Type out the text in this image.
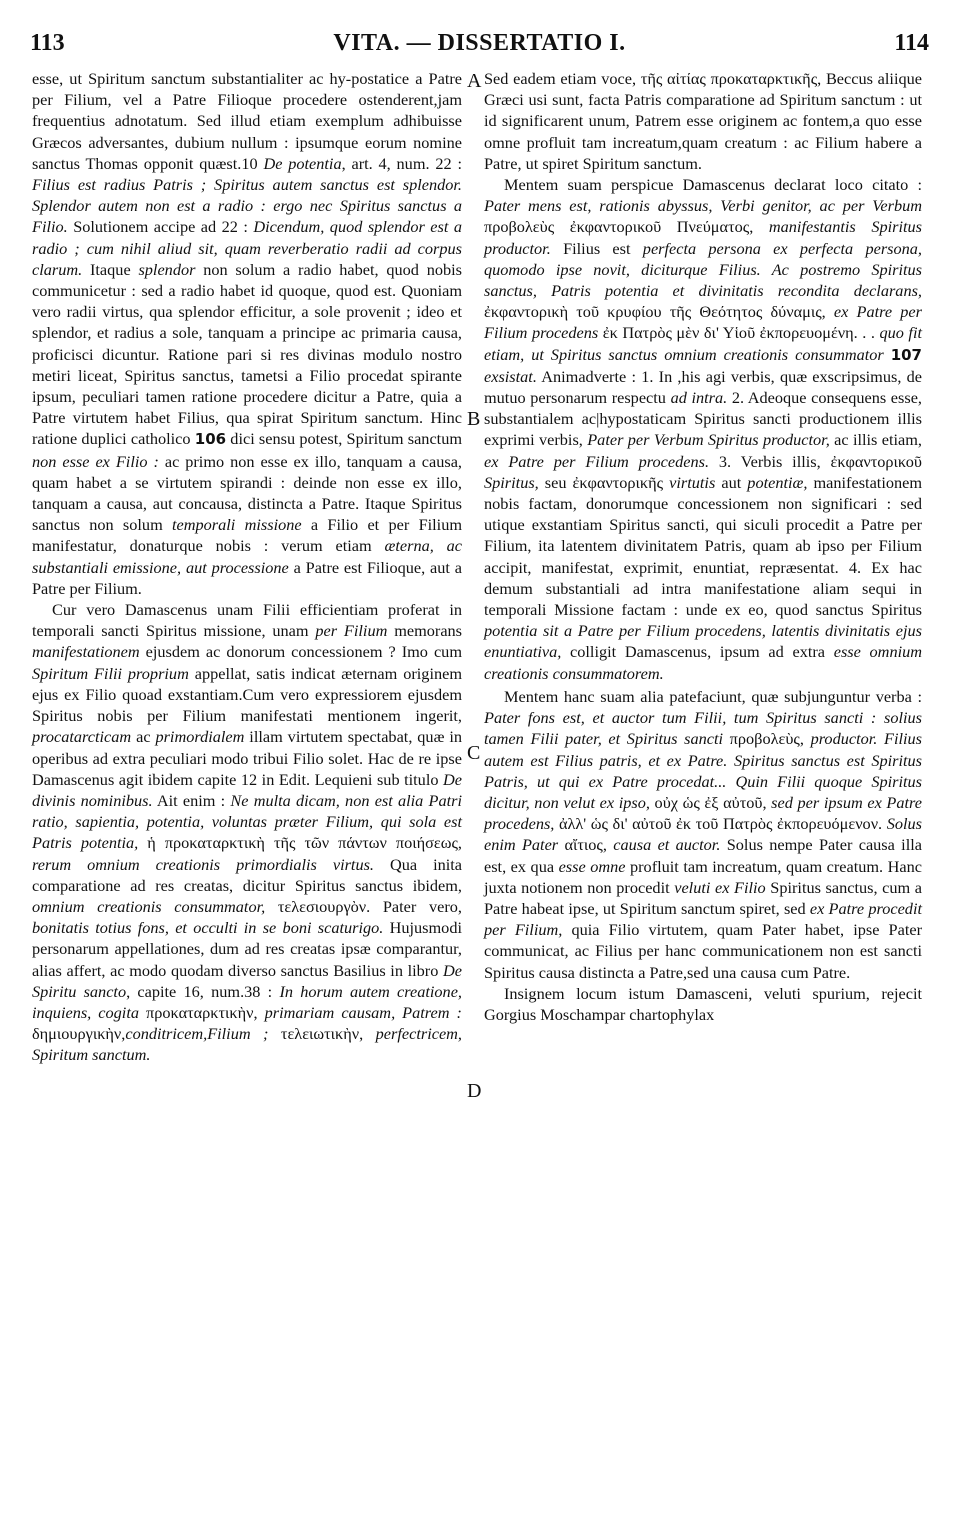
113	VITA. — DISSERTATIO I.	114

esse, ut Spiritum sanctum substantialiter ac hy-postatice a Patre per Filium, vel a Patre Filioque procedere ostenderent,jam frequentius adnotatum. Sed illud etiam exemplum adhibuisse Græcos adversantes, dubium nullum : ipsumque eorum nomine sanctus Thomas opponit quæst.10 De potentia, art. 4, num. 22 : Filius est radius Patris ; Spiritus autem sanctus est splendor. Splendor autem non est a radio : ergo nec Spiritus sanctus a Filio. Solutionem accipe ad 22 : Dicendum, quod splendor est a radio ; cum nihil aliud sit, quam reverberatio radii ad corpus clarum. Itaque splendor non solum a radio habet, quod nobis communicetur : sed a radio habet id quoque, quod est. Quoniam vero radii virtus, qua splendor efficitur, a sole provenit ; ideo et splendor, et radius a sole, tanquam a principe ac primaria causa, proficisci dicuntur. Ratione pari si res divinas modulo nostro metiri liceat, Spiritus sanctus, tametsi a Filio procedat spirante ipsum, peculiari tamen ratione procedere dicitur a Patre, quia a Patre virtutem habet Filius, qua spirat Spiritum sanctum. Hinc ratione duplici catholico 106 dici sensu potest, Spiritum sanctum non esse ex Filio : ac primo non esse ex illo, tanquam a causa, quam habet a se virtutem spirandi : deinde non esse ex illo, tanquam a causa, aut concausa, distincta a Patre. Itaque Spiritus sanctus non solum temporali missione a Filio et per Filium manifestatur, donaturque nobis : verum etiam æterna, ac substantiali emissione, aut processione a Patre est Filioque, aut a Patre per Filium.

Cur vero Damascenus unam Filii efficientiam proferat in temporali sancti Spiritus missione, unam per Filium memorans manifestationem ejusdem ac donorum concessionem ? Imo cum Spiritum Filii proprium appellat, satis indicat æternam originem ejus ex Filio quoad exstantiam.Cum vero expressiorem ejusdem Spiritus nobis per Filium manifestati mentionem ingerit, procatarcticam ac primordialem illam virtutem spectabat, quæ in operibus ad extra peculiari modo tribui Filio solet. Hac de re ipse Damascenus agit ibidem capite 12 in Edit. Lequieni sub titulo De divinis nominibus. Ait enim : Ne multa dicam, non est alia Patri ratio, sapientia, potentia, voluntas præter Filium, qui sola est Patris potentia, ἡ προκαταρκτικὴ τῆς τῶν πάντων ποιήσεως, rerum omnium creationis primordialis virtus. Qua inita comparatione ad res creatas, dicitur Spiritus sanctus ibidem, omnium creationis consummator, τελεσιουργὸν. Pater vero, bonitatis totius fons, et occulti in se boni scaturigo. Hujusmodi personarum appellationes, dum ad res creatas ipsæ comparantur, alias affert, ac modo quodam diverso sanctus Basilius in libro De Spiritu sancto, capite 16, num.38 : In horum autem creatione, inquiens, cogita προκαταρκτικὴν, primariam causam, Patrem : δημιουργικὴν,conditricem,Filium ; τελειωτικὴν, perfectricem, Spiritum sanctum.

Sed eadem etiam voce, τῆς αἰτίας προκαταρκτικῆς, Beccus aliique Græci usi sunt, facta Patris comparatione ad Spiritum sanctum : ut id significarent unum, Patrem esse originem ac fontem,a quo esse omne profluit tam increatum,quam creatum : ac Filium habere a Patre, ut spiret Spiritum sanctum.

Mentem suam perspicue Damascenus declarat loco citato : Pater mens est, rationis abyssus, Verbi genitor, ac per Verbum προβολεὺς ἐκφαντορικοῦ Πνεύματος, manifestantis Spiritus productor. Filius est perfecta persona ex perfecta persona, quomodo ipse novit, diciturque Filius. Ac postremo Spiritus sanctus, Patris potentia et divinitatis recondita declarans, ἐκφαντορικὴ τοῦ κρυφίου τῆς Θεότητος δύναμις, ex Patre per Filium procedens ἐκ Πατρὸς μὲν δι' Υἱοῦ ἐκπορευομένη. . . quo fit etiam, ut Spiritus sanctus omnium creationis consummator 107 exsistat. Animadverte : 1. In ,his agi verbis, quæ exscripsimus, de mutuo personarum respectu ad intra. 2. Adeoque consequens esse, substantialem ac|hypostaticam Spiritus sancti productionem illis exprimi verbis, Pater per Verbum Spiritus productor, ac illis etiam, ex Patre per Filium procedens. 3. Verbis illis, ἐκφαντορικοῦ Spiritus, seu ἐκφαντορικῆς virtutis aut potentiæ, manifestationem nobis factam, donorumque concessionem non significari : sed utique exstantiam Spiritus sancti, qui siculi procedit a Patre per Filium, ita latentem divinitatem Patris, quam ab ipso per Filium accipit, manifestat, exprimit, enuntiat, repræsentat. 4. Ex hac demum substantiali ad intra manifestatione aliam sequi in temporali Missione factam : unde ex eo, quod sanctus Spiritus potentia sit a Patre per Filium procedens, latentis divinitatis ejus enuntiativa, colligit Damascenus, ipsum ad extra esse omnium creationis consummatorem.

Mentem hanc suam alia patefaciunt, quæ subjunguntur verba : Pater fons est, et auctor tum Filii, tum Spiritus sancti : solius tamen Filii pater, et Spiritus sancti προβολεὺς, productor. Filius autem est Filius patris, et ex Patre. Spiritus sanctus est Spiritus Patris, ut qui ex Patre procedat... Quin Filii quoque Spiritus dicitur, non velut ex ipso, οὐχ ὡς ἐξ αὐτοῦ, sed per ipsum ex Patre procedens, ἀλλ' ὡς δι' αὐτοῦ ἐκ τοῦ Πατρὸς ἐκπορευόμενον. Solus enim Pater αἴτιος, causa et auctor. Solus nempe Pater causa illa est, ex qua esse omne profluit tam increatum, quam creatum. Hanc juxta notionem non procedit veluti ex Filio Spiritus sanctus, cum a Patre habeat ipse, ut Spiritum sanctum spiret, sed ex Patre procedit per Filium, quia Filio virtutem, quam Pater habet, ipse Pater communicat, ac Filius per hanc communicationem non est sancti Spiritus causa distincta a Patre,sed una causa cum Patre.

Insignem locum istum Damasceni, veluti spurium, rejecit Gorgius Moschampar chartophylax

A
B
C
D
